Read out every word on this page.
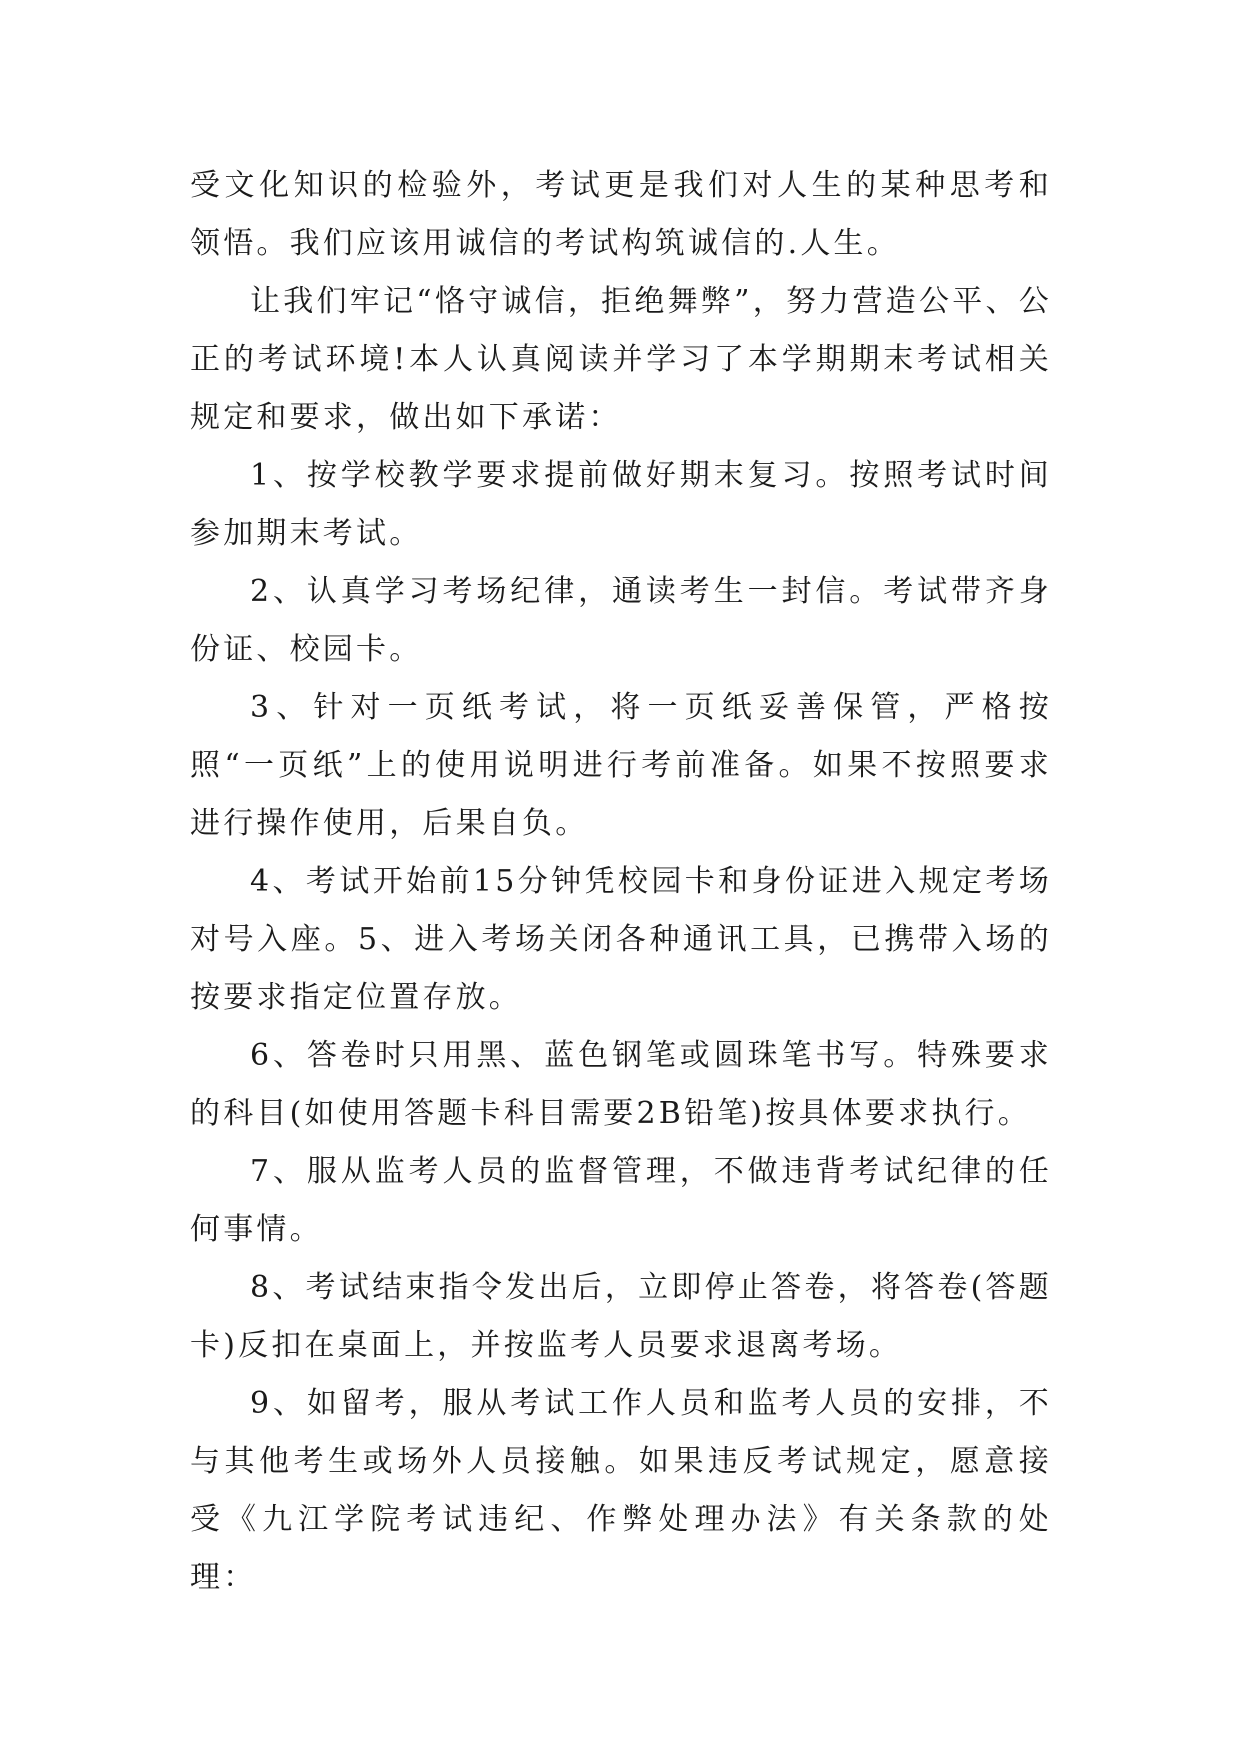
受文化知识的检验外，考试更是我们对人生的某种思考和领悟。我们应该用诚信的考试构筑诚信的.人生。

让我们牢记“恪守诚信，拒绝舞弊”，努力营造公平、公正的考试环境!本人认真阅读并学习了本学期期末考试相关规定和要求，做出如下承诺：

1、按学校教学要求提前做好期末复习。按照考试时间参加期末考试。

2、认真学习考场纪律，通读考生一封信。考试带齐身份证、校园卡。

3、针对一页纸考试，将一页纸妥善保管，严格按照“一页纸”上的使用说明进行考前准备。如果不按照要求进行操作使用，后果自负。

4、考试开始前15分钟凭校园卡和身份证进入规定考场对号入座。5、进入考场关闭各种通讯工具，已携带入场的按要求指定位置存放。

6、答卷时只用黑、蓝色钢笔或圆珠笔书写。特殊要求的科目(如使用答题卡科目需要2B铅笔)按具体要求执行。

7、服从监考人员的监督管理，不做违背考试纪律的任何事情。

8、考试结束指令发出后，立即停止答卷，将答卷(答题卡)反扣在桌面上，并按监考人员要求退离考场。

9、如留考，服从考试工作人员和监考人员的安排，不与其他考生或场外人员接触。如果违反考试规定，愿意接受《九江学院考试违纪、作弊处理办法》有关条款的处理：
